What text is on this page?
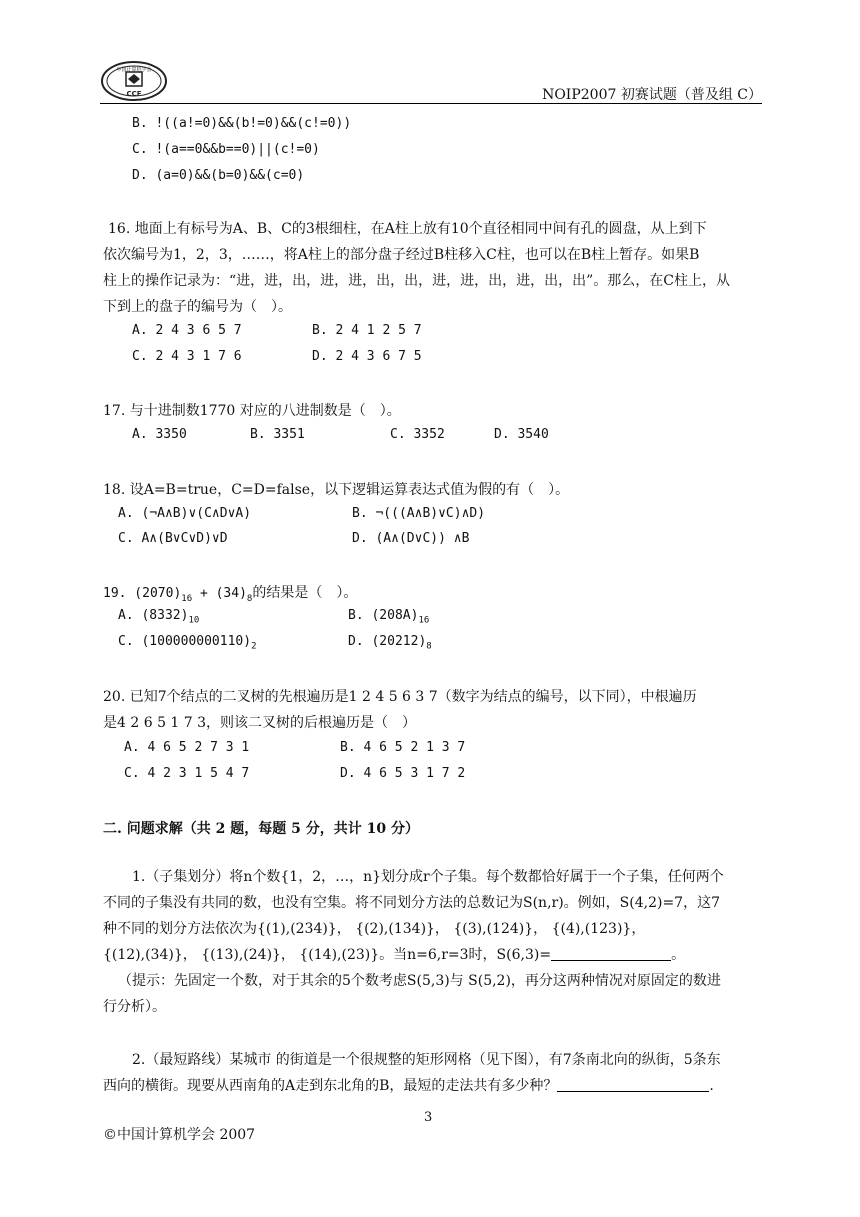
中国计算机学会
CCF	NOIP2007 初赛试题（普及组 C）
B. !((a!=0)&&(b!=0)&&(c!=0))
C. !(a==0&&b==0)||(c!=0)
D. (a=0)&&(b=0)&&(c=0)
16. 地面上有标号为A、B、C的3根细柱，在A柱上放有10个直径相同中间有孔的圆盘，从上到下
依次编号为1，2，3，……，将A柱上的部分盘子经过B柱移入C柱，也可以在B柱上暂存。如果B
柱上的操作记录为：“进，进，出，进，进，出，出，进，进，出，进，出，出”。那么，在C柱上，从
下到上的盘子的编号为（　）。
A. 2 4 3 6 5 7	B. 2 4 1 2 5 7
C. 2 4 3 1 7 6	D. 2 4 3 6 7 5
17. 与十进制数1770 对应的八进制数是（　）。
A. 3350	B. 3351	C. 3352	D. 3540
18. 设A=B=true，C=D=false，以下逻辑运算表达式值为假的有（　）。
A. (¬A∧B)∨(C∧D∨A)	B. ¬(((A∧B)∨C)∧D)
C. A∧(B∨C∨D)∨D	D. (A∧(D∨C)) ∧B
19. $(2070)_{16} + (34)_8$的结果是（　）。
A. $(8332)_{10}$	B. $(208A)_{16}$
C. $(100000000110)_2$	D. $(20212)_8$
20. 已知7个结点的二叉树的先根遍历是1 2 4 5 6 3 7（数字为结点的编号，以下同），中根遍历
是4 2 6 5 1 7 3，则该二叉树的后根遍历是（　）
A. 4 6 5 2 7 3 1	B. 4 6 5 2 1 3 7
C. 4 2 3 1 5 4 7	D. 4 6 5 3 1 7 2
二. 问题求解（共 2 题，每题 5 分，共计 10 分）
1.（子集划分）将n个数{1，2，…，n}划分成r个子集。每个数都恰好属于一个子集，任何两个
不同的子集没有共同的数，也没有空集。将不同划分方法的总数记为S(n,r)。例如，S(4,2)=7，这7
种不同的划分方法依次为{(1),(234)}， {(2),(134)}， {(3),(124)}， {(4),(123)}，
{(12),(34)}， {(13),(24)}， {(14),(23)}。当n=6,r=3时，S(6,3)=	。
（提示：先固定一个数，对于其余的5个数考虑S(5,3)与 S(5,2)，再分这两种情况对原固定的数进
行分析）。
2.（最短路线）某城市 的街道是一个很规整的矩形网格（见下图），有7条南北向的纵街，5条东
西向的横街。现要从西南角的A走到东北角的B，最短的走法共有多少种？	.
3
©中国计算机学会 2007
